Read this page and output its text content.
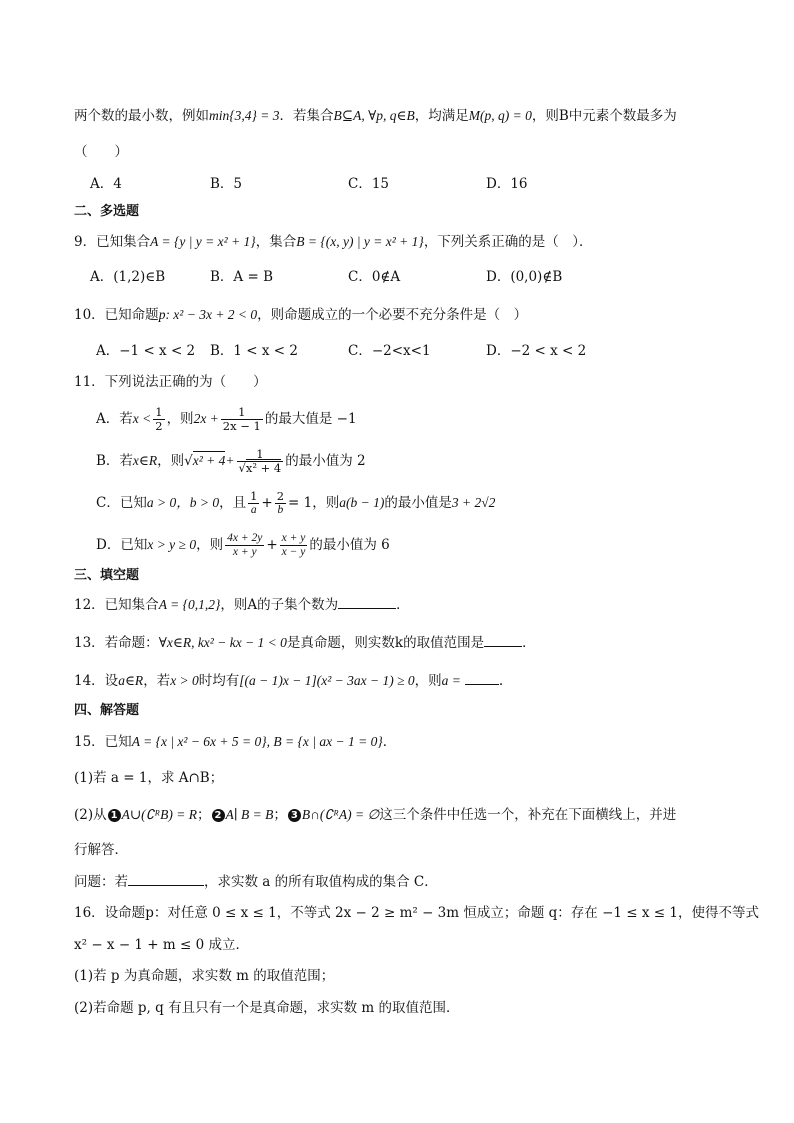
两个数的最小数，例如min{3,4} = 3．若集合B⊆A, ∀p, q∈B，均满足M(p, q) = 0，则B中元素个数最多为
（　　）
A．4	B．5	C．15	D．16
二、多选题
9．已知集合A = {y | y = x² + 1}，集合B = {(x, y) | y = x² + 1}，下列关系正确的是（　）．
A．(1,2)∈B	B．A = B	C．0∉A	D．(0,0)∉B
10．已知命题p: x² − 3x + 2 < 0，则命题成立的一个必要不充分条件是（　）
A．−1 < x < 2 B．1 < x < 2	C．−2<x<1	D．−2 < x < 2
11．下列说法正确的为（　　）
A．若$x < \frac{1}{2}$ ，则$2x + \frac{1}{2x - 1}$ 的最大值是 −1
B．若x∈R，则$√x^2 + 4+ \frac{1}{\text{√x² + 4}}$ 的最小值为 2
C．已知a > 0，b > 0，且 $\frac{1}{a} + \frac{2}{b} = 1$，则a(b − 1)的最小值是3 + 2√2
D．已知x > y ≥ 0，则 $\frac{4x + 2y}{x + y} + \frac{x + y}{x - y}$ 的最小值为 6
三、填空题
12．已知集合A = {0,1,2}，则A的子集个数为	．
13．若命题：∀x∈R, kx² − kx − 1 < 0是真命题，则实数k的取值范围是	．
14．设a∈R，若x > 0时均有[(a − 1)x − 1](x² − 3ax − 1) ≥ 0，则a =	.
四、解答题
15．已知A = {x | x² − 6x + 5 = 0}, B = {x | ax − 1 = 0}．
(1)若 a = 1，求 A∩B；
(2)从 1 A∪(∁ᴿB) = R； 2 A∣ B = B； 3 B∩(∁ᴿA) = ∅这三个条件中任选一个，补充在下面横线上，并进
行解答．
问题：若	，求实数 a 的所有取值构成的集合 C．
16．设命题p：对任意 0 ≤ x ≤ 1，不等式 2x − 2 ≥ m² − 3m 恒成立；命题 q：存在 −1 ≤ x ≤ 1，使得不等式
x² − x − 1 + m ≤ 0 成立．
(1)若 p 为真命题，求实数 m 的取值范围；
(2)若命题 p, q 有且只有一个是真命题，求实数 m 的取值范围．
